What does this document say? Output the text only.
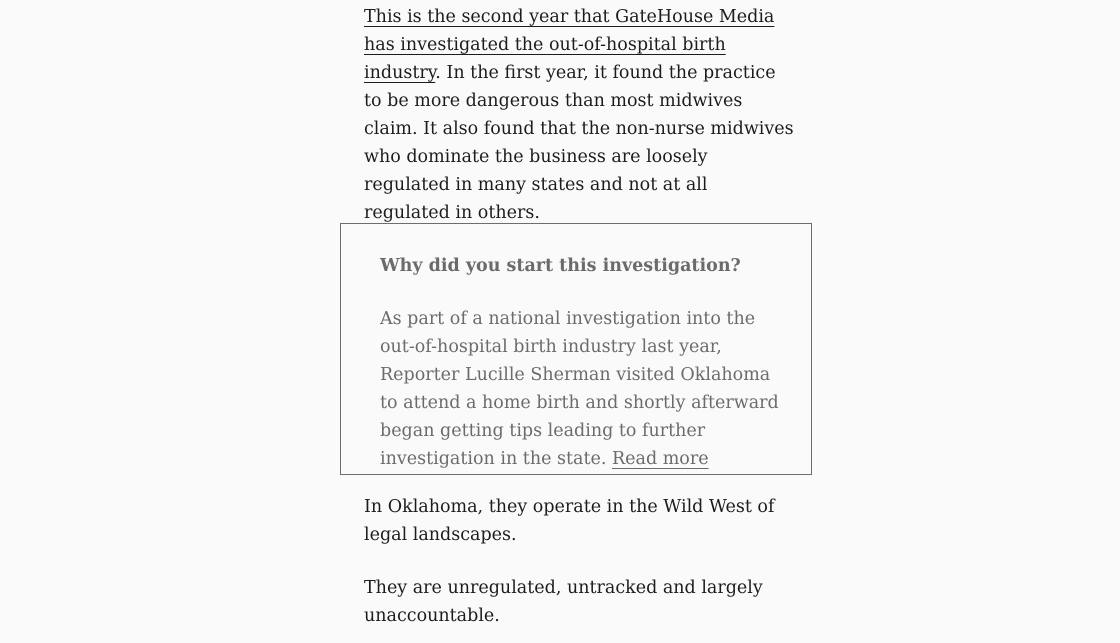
This is the second year that GateHouse Media has investigated the out-of-hospital birth industry. In the first year, it found the practice to be more dangerous than most midwives claim. It also found that the non-nurse midwives who dominate the business are loosely regulated in many states and not at all regulated in others.

Why did you start this investigation?

As part of a national investigation into the out-of-hospital birth industry last year, Reporter Lucille Sherman visited Oklahoma to attend a home birth and shortly afterward began getting tips leading to further investigation in the state. Read more

In Oklahoma, they operate in the Wild West of legal landscapes.

They are unregulated, untracked and largely unaccountable.
